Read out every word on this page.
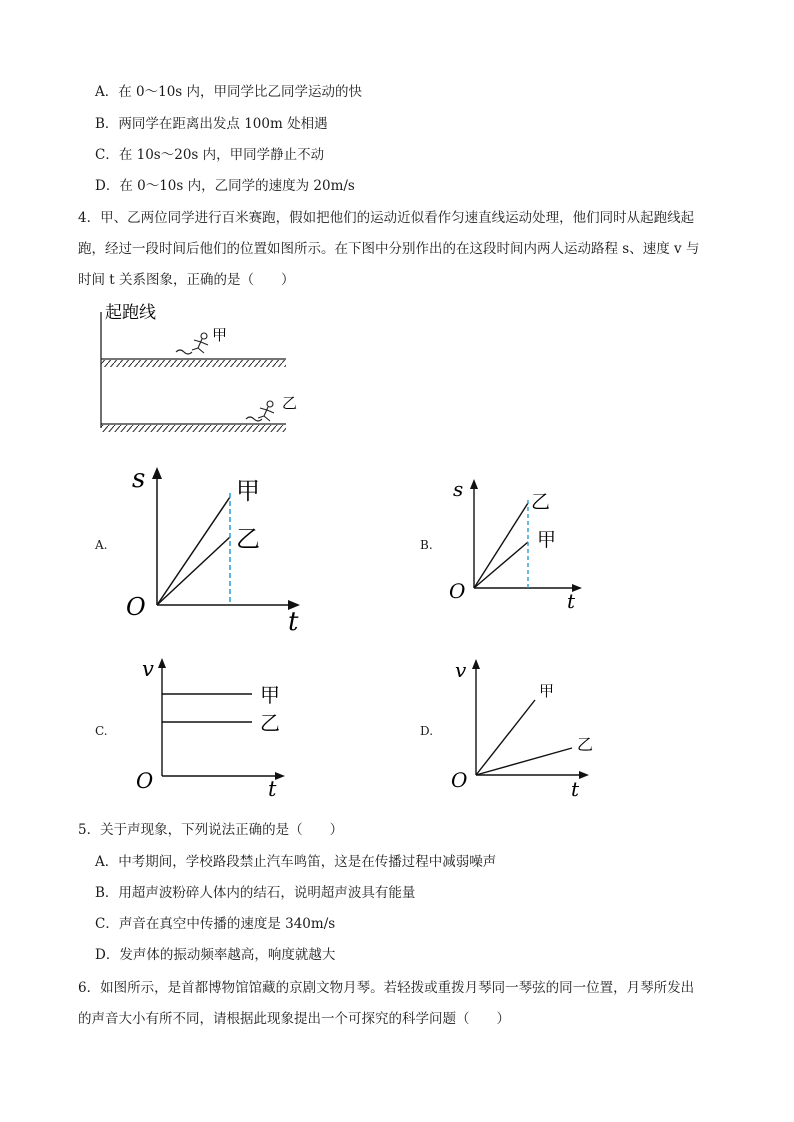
A．在 0～10s 内，甲同学比乙同学运动的快
B．两同学在距离出发点 100m 处相遇
C．在 10s～20s 内，甲同学静止不动
D．在 0～10s 内，乙同学的速度为 20m/s
4．甲、乙两位同学进行百米赛跑，假如把他们的运动近似看作匀速直线运动处理，他们同时从起跑线起
跑，经过一段时间后他们的位置如图所示。在下图中分别作出的在这段时间内两人运动路程 s、速度 v 与
时间 t 关系图象，正确的是（　　）
起跑线
甲
乙
A.
s
t
O
甲
乙	B.
s
t
O
乙
甲
C.
v
t
O
甲
乙	D.
v
t
O
甲
乙
5．关于声现象，下列说法正确的是（　　）
A．中考期间，学校路段禁止汽车鸣笛，这是在传播过程中减弱噪声
B．用超声波粉碎人体内的结石，说明超声波具有能量
C．声音在真空中传播的速度是 340m/s
D．发声体的振动频率越高，响度就越大
6．如图所示，是首都博物馆馆藏的京剧文物月琴。若轻拨或重拨月琴同一琴弦的同一位置，月琴所发出
的声音大小有所不同，请根据此现象提出一个可探究的科学问题（　　）
